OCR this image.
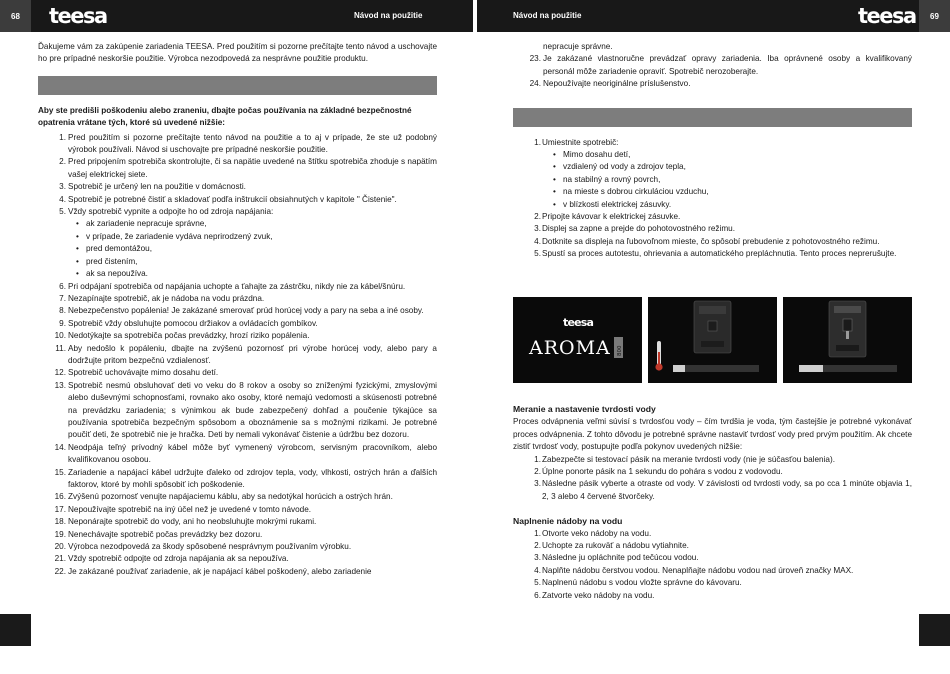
68	teesa	Návod na použitie	Návod na použitie	teesa	69

Ďakujeme vám za zakúpenie zariadenia TEESA. Pred použitím si pozorne prečítajte tento návod a uschovajte ho pre prípadné neskoršie použitie. Výrobca nezodpovedá za nesprávne použitie produktu.

Aby ste predišli poškodeniu alebo zraneniu, dbajte počas používania na základné bezpečnostné opatrenia vrátane tých, ktoré sú uvedené nižšie:

1. Pred použitím si pozorne prečítajte tento návod na použitie a to aj v prípade, že ste už podobný výrobok používali. Návod si uschovajte pre prípadné neskoršie použitie.
2. Pred pripojením spotrebiča skontrolujte, či sa napätie uvedené na štítku spotrebiča zhoduje s napätím vašej elektrickej siete.
3. Spotrebič je určený len na použitie v domácnosti.
4. Spotrebič je potrebné čistiť a skladovať podľa inštrukcií obsiahnutých v kapitole " Čistenie".
5. Vždy spotrebič vypnite a odpojte ho od zdroja napájania:
• ak zariadenie nepracuje správne,
• v prípade, že zariadenie vydáva neprirodzený zvuk,
• pred demontážou,
• pred čistením,
• ak sa nepoužíva.
6. Pri odpájaní spotrebiča od napájania uchopte a ťahajte za zástrčku, nikdy nie za kábel/šnúru.
7. Nezapínajte spotrebič, ak je nádoba na vodu prázdna.
8. Nebezpečenstvo popálenia! Je zakázané smerovať prúd horúcej vody a pary na seba a iné osoby.
9. Spotrebič vždy obsluhujte pomocou držiakov a ovládacích gombíkov.
10. Nedotýkajte sa spotrebiča počas prevádzky, hrozí riziko popálenia.
11. Aby nedošlo k popáleniu, dbajte na zvýšenú pozornosť pri výrobe horúcej vody, alebo pary a dodržujte pritom bezpečnú vzdialenosť.
12. Spotrebič uchovávajte mimo dosahu detí.
13. Spotrebič nesmú obsluhovať deti vo veku do 8 rokov a osoby so zníženými fyzickými, zmyslovými alebo duševnými schopnosťami, rovnako ako osoby, ktoré nemajú vedomosti a skúsenosti potrebné na prevádzku zariadenia; s výnimkou ak bude zabezpečený dohľad a poučenie týkajúce sa používania spotrebiča bezpečným spôsobom a oboznámenie sa s možnými rizikami. Je potrebné poučiť deti, že spotrebič nie je hračka. Deti by nemali vykonávať čistenie a údržbu bez dozoru.
14. Neodpája teľný prívodný kábel môže byť vymenený výrobcom, servisným pracovníkom, alebo kvalifikovanou osobou.
15. Zariadenie a napájací kábel udržujte ďaleko od zdrojov tepla, vody, vlhkosti, ostrých hrán a ďalších faktorov, ktoré by mohli spôsobiť ich poškodenie.
16. Zvýšenú pozornosť venujte napájaciemu káblu, aby sa nedotýkal horúcich a ostrých hrán.
17. Nepoužívajte spotrebič na iný účel než je uvedené v tomto návode.
18. Neponárajte spotrebič do vody, ani ho neobsluhujte mokrými rukami.
19. Nenechávajte spotrebič počas prevádzky bez dozoru.
20. Výrobca nezodpovedá za škody spôsobené nesprávnym používaním výrobku.
21. Vždy spotrebič odpojte od zdroja napájania ak sa nepoužíva.
22. Je zakázané používať zariadenie, ak je napájací kábel poškodený, alebo zariadenie

nepracuje správne.

23. Je zakázané vlastnoručne prevádzať opravy zariadenia. Iba oprávnené osoby a kvalifikovaný personál môže zariadenie opraviť. Spotrebič nerozoberajte.
24. Nepoužívajte neoriginálne príslušenstvo.
1. Umiestnite spotrebič:
• Mimo dosahu detí,
• vzdialený od vody a zdrojov tepla,
• na stabilný a rovný povrch,
• na mieste s dobrou cirkuláciou vzduchu,
• v blízkosti elektrickej zásuvky.
2. Pripojte kávovar k elektrickej zásuvke.
3. Displej sa zapne a prejde do pohotovostného režimu.
4. Dotknite sa displeja na ľubovoľnom mieste, čo spôsobí prebudenie z pohotovostného režimu.
5. Spustí sa proces autotestu, ohrievania a automatického prepláchnutia. Tento proces neprerušujte.
teesa
AROMA 800

Meranie a nastavenie tvrdosti vody

Proces odvápnenia veľmi súvisí s tvrdosťou vody – čím tvrdšia je voda, tým častejšie je potrebné vykonávať proces odvápnenia. Z tohto dôvodu je potrebné správne nastaviť tvrdosť vody pred prvým použitím. Ak chcete zistiť tvrdosť vody, postupujte podľa pokynov uvedených nižšie:

1. Zabezpečte si testovací pásik na meranie tvrdosti vody (nie je súčasťou balenia).
2. Úplne ponorte pásik na 1 sekundu do pohára s vodou z vodovodu.
3. Následne pásik vyberte a otraste od vody. V závislosti od tvrdosti vody, sa po cca 1 minúte objavia 1, 2, 3 alebo 4 červené štvorčeky.

Naplnenie nádoby na vodu

1. Otvorte veko nádoby na vodu.
2. Uchopte za rukoväť a nádobu vytiahnite.
3. Následne ju opláchnite pod tečúcou vodou.
4. Naplňte nádobu čerstvou vodou. Nenaplňajte nádobu vodou nad úroveň značky MAX.
5. Naplnenú nádobu s vodou vložte správne do kávovaru.
6. Zatvorte veko nádoby na vodu.
